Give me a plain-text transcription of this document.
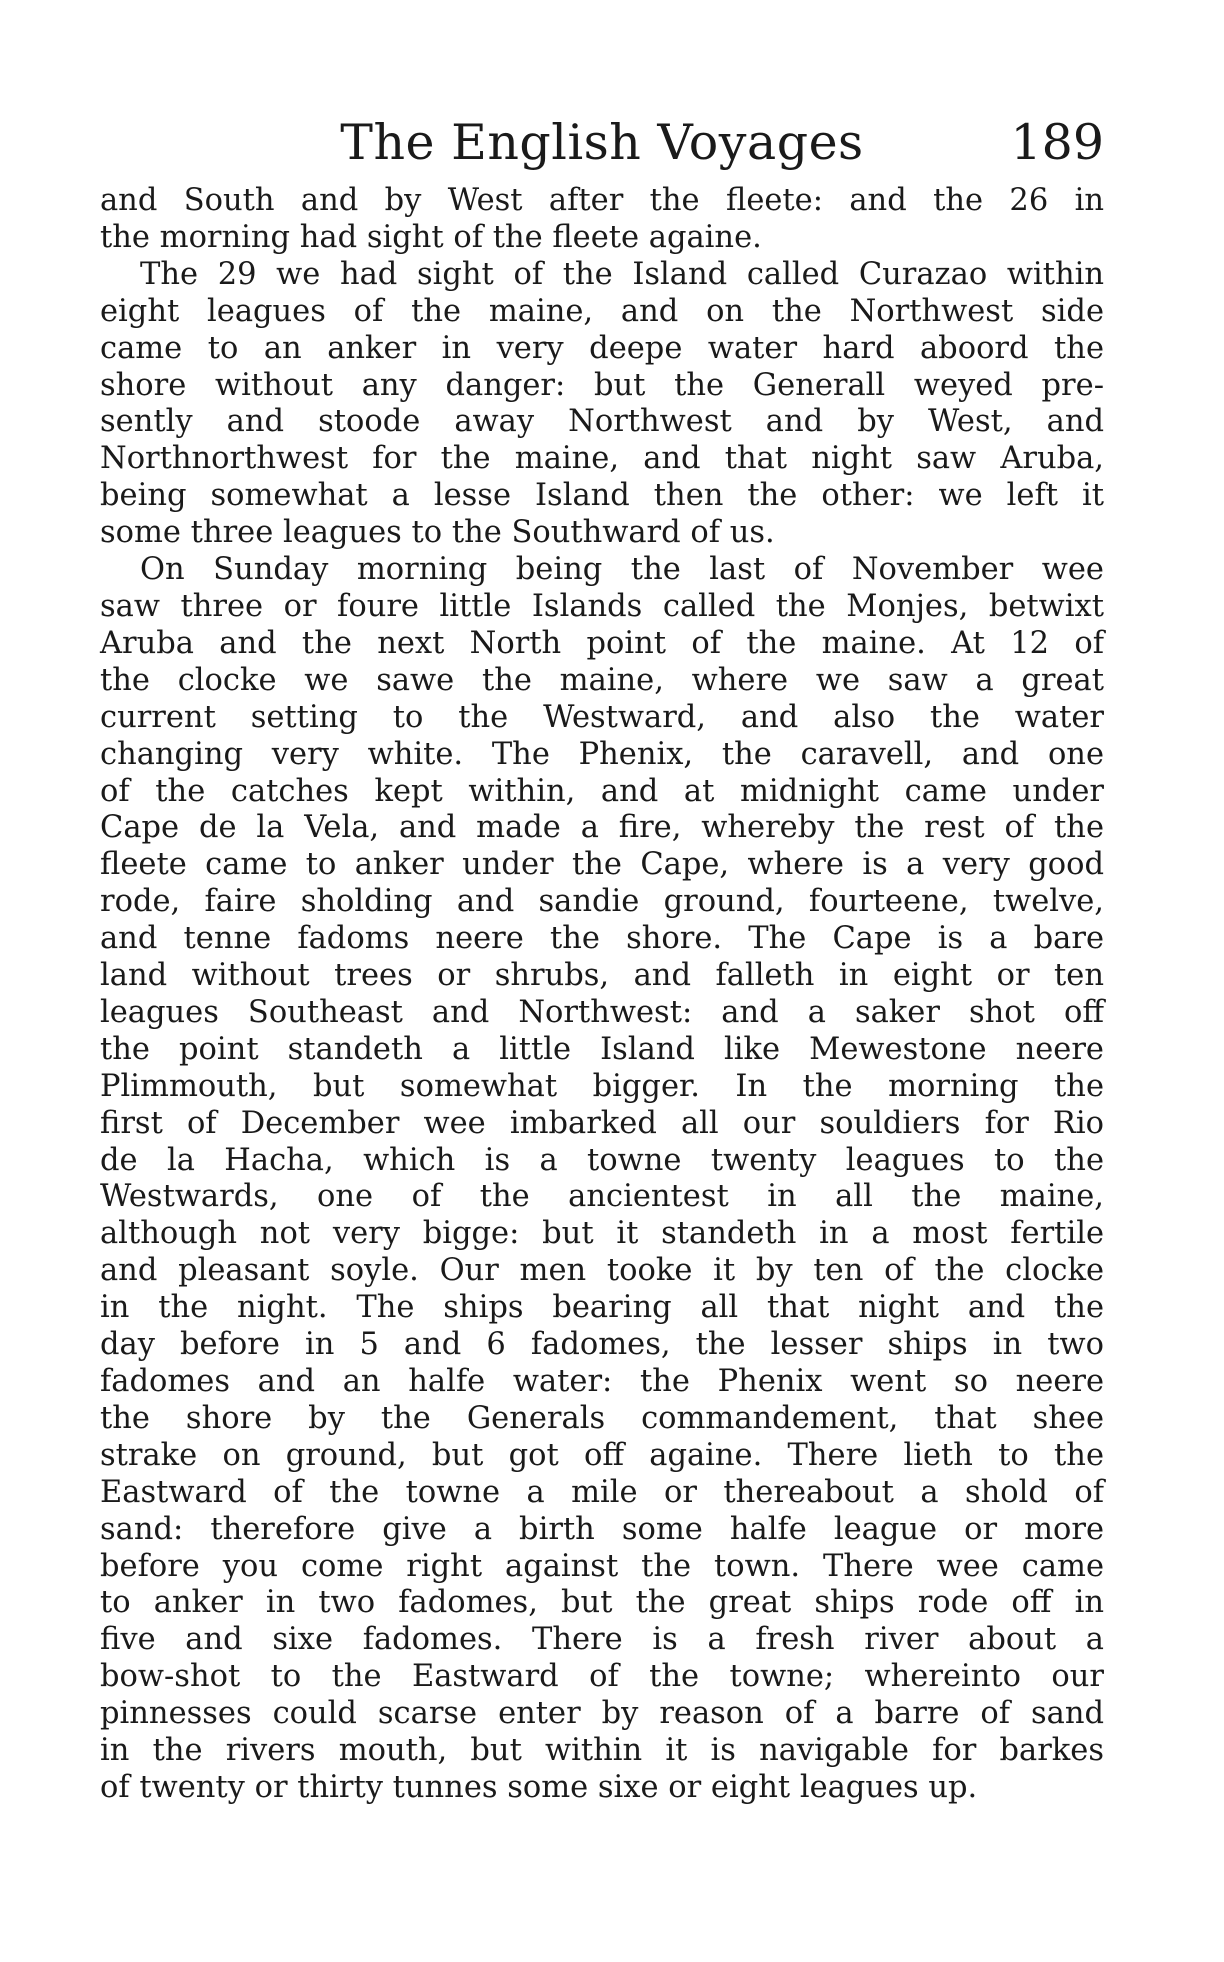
The English Voyages	189

and South and by West after the fleete: and the 26 in
the morning had sight of the fleete againe.

The 29 we had sight of the Island called Curazao within
eight leagues of the maine, and on the Northwest side
came to an anker in very deepe water hard aboord the
shore without any danger: but the Generall weyed pre-
sently and stoode away Northwest and by West, and
Northnorthwest for the maine, and that night saw Aruba,
being somewhat a lesse Island then the other: we left it
some three leagues to the Southward of us.

On Sunday morning being the last of November wee
saw three or foure little Islands called the Monjes, betwixt
Aruba and the next North point of the maine. At 12 of
the clocke we sawe the maine, where we saw a great
current setting to the Westward, and also the water
changing very white. The Phenix, the caravell, and one
of the catches kept within, and at midnight came under
Cape de la Vela, and made a fire, whereby the rest of the
fleete came to anker under the Cape, where is a very good
rode, faire sholding and sandie ground, fourteene, twelve,
and tenne fadoms neere the shore. The Cape is a bare
land without trees or shrubs, and falleth in eight or ten
leagues Southeast and Northwest: and a saker shot off
the point standeth a little Island like Mewestone neere
Plimmouth, but somewhat bigger. In the morning the
first of December wee imbarked all our souldiers for Rio
de la Hacha, which is a towne twenty leagues to the
Westwards, one of the ancientest in all the maine,
although not very bigge: but it standeth in a most fertile
and pleasant soyle. Our men tooke it by ten of the clocke
in the night. The ships bearing all that night and the
day before in 5 and 6 fadomes, the lesser ships in two
fadomes and an halfe water: the Phenix went so neere
the shore by the Generals commandement, that shee
strake on ground, but got off againe. There lieth to the
Eastward of the towne a mile or thereabout a shold of
sand: therefore give a birth some halfe league or more
before you come right against the town. There wee came
to anker in two fadomes, but the great ships rode off in
five and sixe fadomes. There is a fresh river about a
bow-shot to the Eastward of the towne; whereinto our
pinnesses could scarse enter by reason of a barre of sand
in the rivers mouth, but within it is navigable for barkes
of twenty or thirty tunnes some sixe or eight leagues up.
